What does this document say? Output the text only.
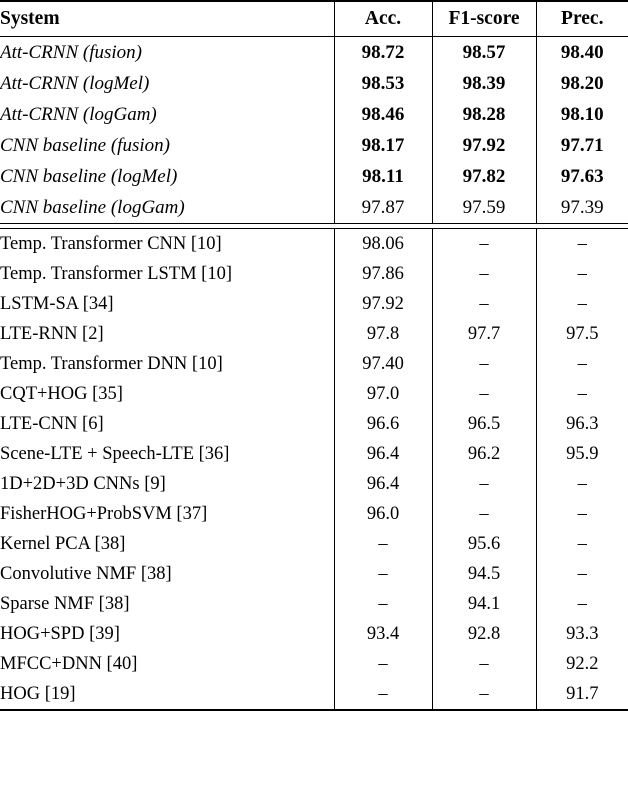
System	Acc.	F1-score	Prec.

Att-CRNN (fusion)	98.72	98.57	98.40
Att-CRNN (logMel)	98.53	98.39	98.20
Att-CRNN (logGam)	98.46	98.28	98.10
CNN baseline (fusion)	98.17	97.92	97.71
CNN baseline (logMel)	98.11	97.82	97.63
CNN baseline (logGam)	97.87	97.59	97.39

Temp. Transformer CNN [10]	98.06	–	–
Temp. Transformer LSTM [10]	97.86	–	–
LSTM-SA [34]	97.92	–	–
LTE-RNN [2]	97.8	97.7	97.5
Temp. Transformer DNN [10]	97.40	–	–
CQT+HOG [35]	97.0	–	–
LTE-CNN [6]	96.6	96.5	96.3
Scene-LTE + Speech-LTE [36]	96.4	96.2	95.9
1D+2D+3D CNNs [9]	96.4	–	–
FisherHOG+ProbSVM [37]	96.0	–	–
Kernel PCA [38]	–	95.6	–
Convolutive NMF [38]	–	94.5	–
Sparse NMF [38]	–	94.1	–
HOG+SPD [39]	93.4	92.8	93.3
MFCC+DNN [40]	–	–	92.2
HOG [19]	–	–	91.7
